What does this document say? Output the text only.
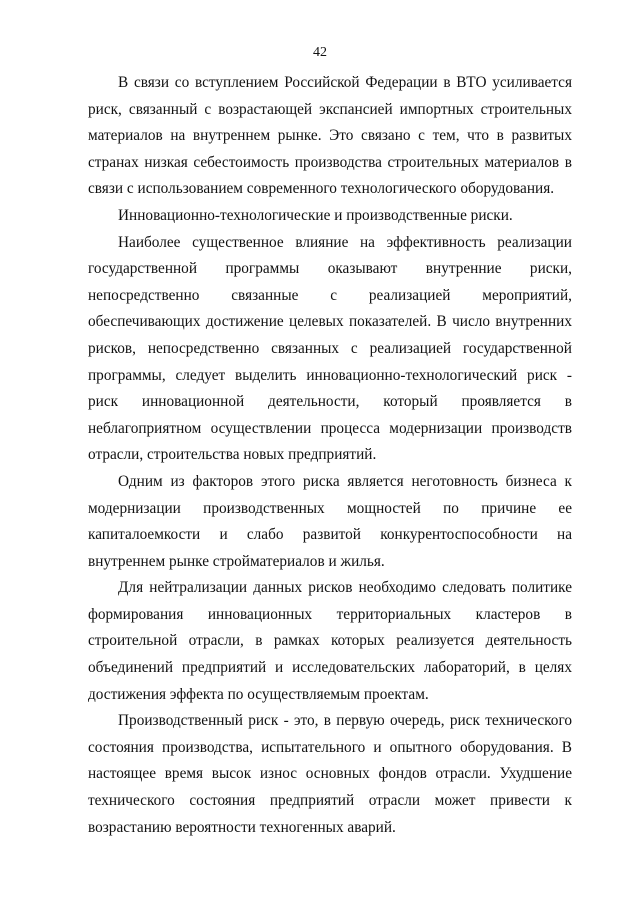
42

В связи со вступлением Российской Федерации в ВТО усиливается риск, связанный с возрастающей экспансией импортных строительных материалов на внутреннем рынке. Это связано с тем, что в развитых странах низкая себестоимость производства строительных материалов в связи с использованием современного технологического оборудования.

Инновационно-технологические и производственные риски.

Наиболее существенное влияние на эффективность реализации государственной программы оказывают внутренние риски, непосредственно связанные с реализацией мероприятий, обеспечивающих достижение целевых показателей. В число внутренних рисков, непосредственно связанных с реализацией государственной программы, следует выделить инновационно-технологический риск - риск инновационной деятельности, который проявляется в неблагоприятном осуществлении процесса модернизации производств отрасли, строительства новых предприятий.

Одним из факторов этого риска является неготовность бизнеса к модернизации производственных мощностей по причине ее капиталоемкости и слабо развитой конкурентоспособности на внутреннем рынке стройматериалов и жилья.

Для нейтрализации данных рисков необходимо следовать политике формирования инновационных территориальных кластеров в строительной отрасли, в рамках которых реализуется деятельность объединений предприятий и исследовательских лабораторий, в целях достижения эффекта по осуществляемым проектам.

Производственный риск - это, в первую очередь, риск технического состояния производства, испытательного и опытного оборудования. В настоящее время высок износ основных фондов отрасли. Ухудшение технического состояния предприятий отрасли может привести к возрастанию вероятности техногенных аварий.
